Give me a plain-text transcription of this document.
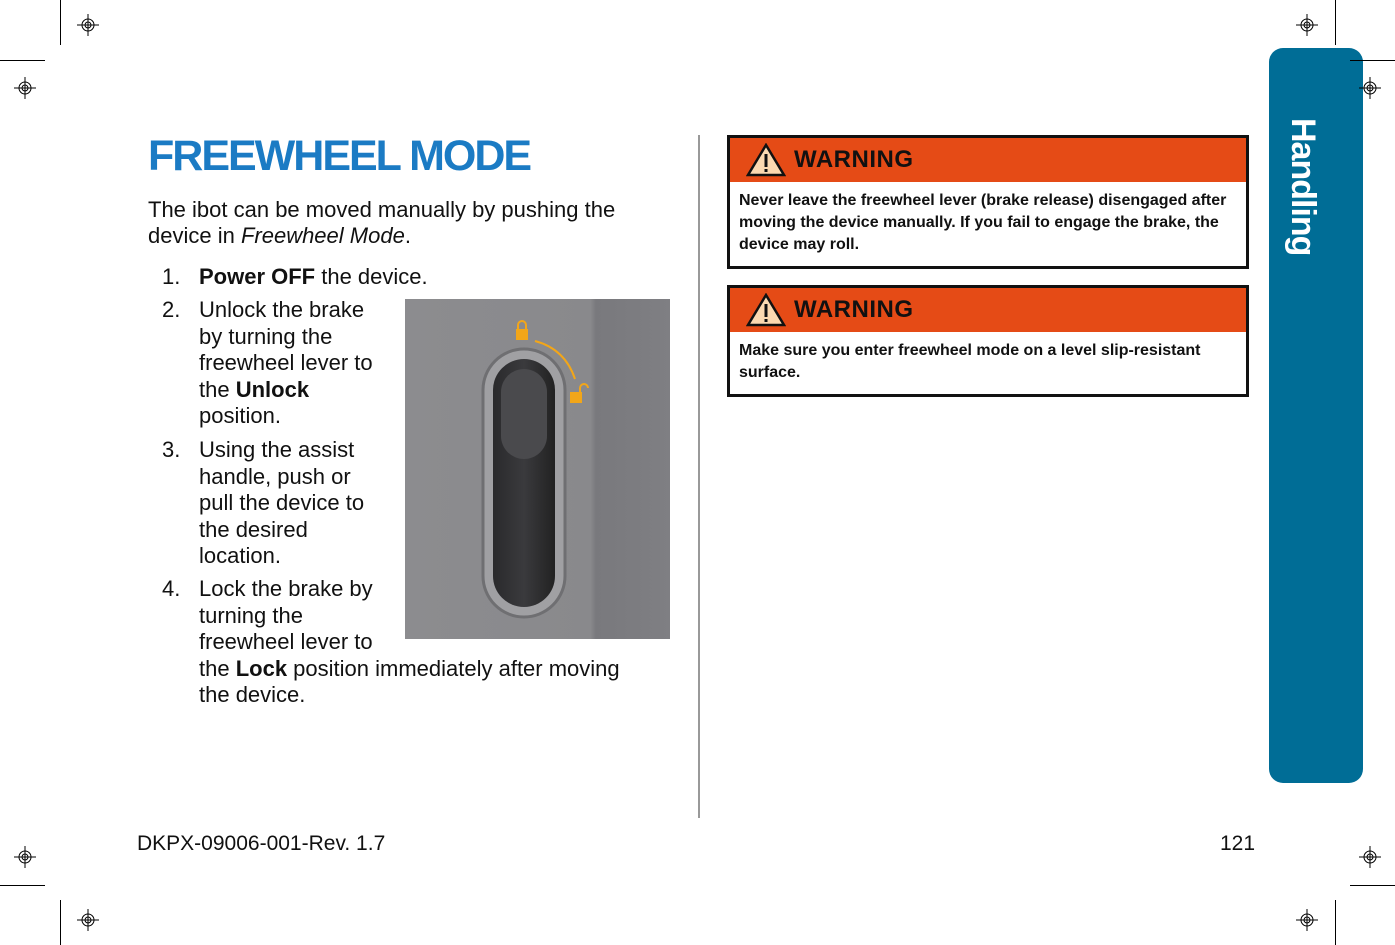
FREEWHEEL MODE
The ibot can be moved manually by pushing the device in Freewheel Mode.
1. Power OFF the device.
2. Unlock the brake
by turning the
freewheel lever to
the Unlock
position.
3. Using the assist
handle, push or
pull the device to
the desired
location.
4. Lock the brake by
turning the
freewheel lever to
the Lock position immediately after moving
the device.
WARNING
Never leave the freewheel lever (brake release) disengaged after moving the device manually. If you fail to engage the brake, the device may roll.
WARNING
Make sure you enter freewheel mode on a level slip-resistant surface.
Handling
DKPX-09006-001-Rev. 1.7	121
